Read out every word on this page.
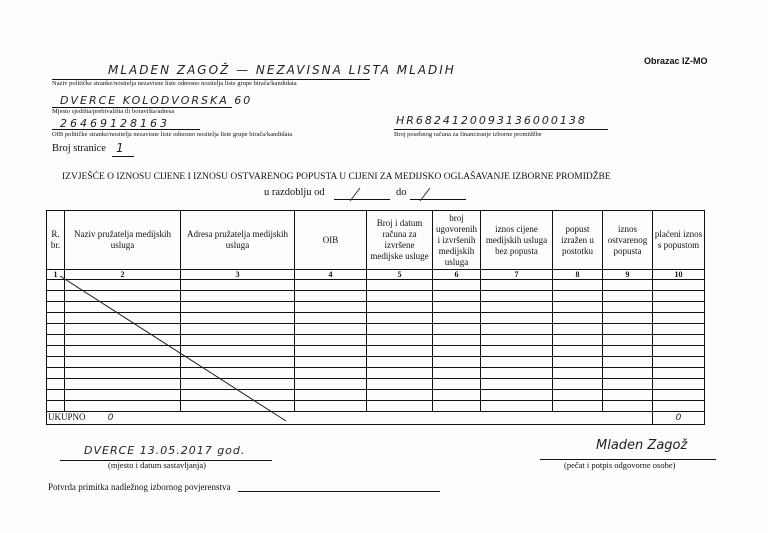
Obrazac IZ-MO
MLADEN ZAGOŽ — NEZAVISNA LISTA MLADIH
Naziv političke stranke/nositelja nezavisne liste odnosno nositelja liste grupe birača/kandidata
DVERCE KOLODVORSKA 60
Mjesto sjedišta/prebivališta ili boravišta/adresa
26469128163
OIB političke stranke/nositelja nezavisne liste odnosno nositelja liste grupe birača/kandidata
HR6824120093136000138
Broj posebnog računa za financiranje izborne promidžbe
Broj stranice 1
IZVJEŠĆE O IZNOSU CIJENE I IZNOSU OSTVARENOG POPUSTA U CIJENI ZA MEDIJSKO OGLAŠAVANJE IZBORNE PROMIDŽBE
u razdoblju od	do
R. br.	Naziv pružatelja medijskih usluga	Adresa pružatelja medijskih usluga	OIB	Broj i datum računa za izvršene medijske usluge	broj ugovorenih i izvršenih medijskih usluga	iznos cijene medijskih usluga bez popusta	popust izražen u postotku	iznos ostvarenog popusta	plaćeni iznos s popustom
1	2	3	4	5	6	7	8	9	10

UKUPNO 0									0
DVERCE 13.05.2017 god.
(mjesto i datum sastavljanja)
Mladen Zagož
(pečat i potpis odgovorne osobe)
Potvrda primitka nadležnog izbornog povjerenstva
